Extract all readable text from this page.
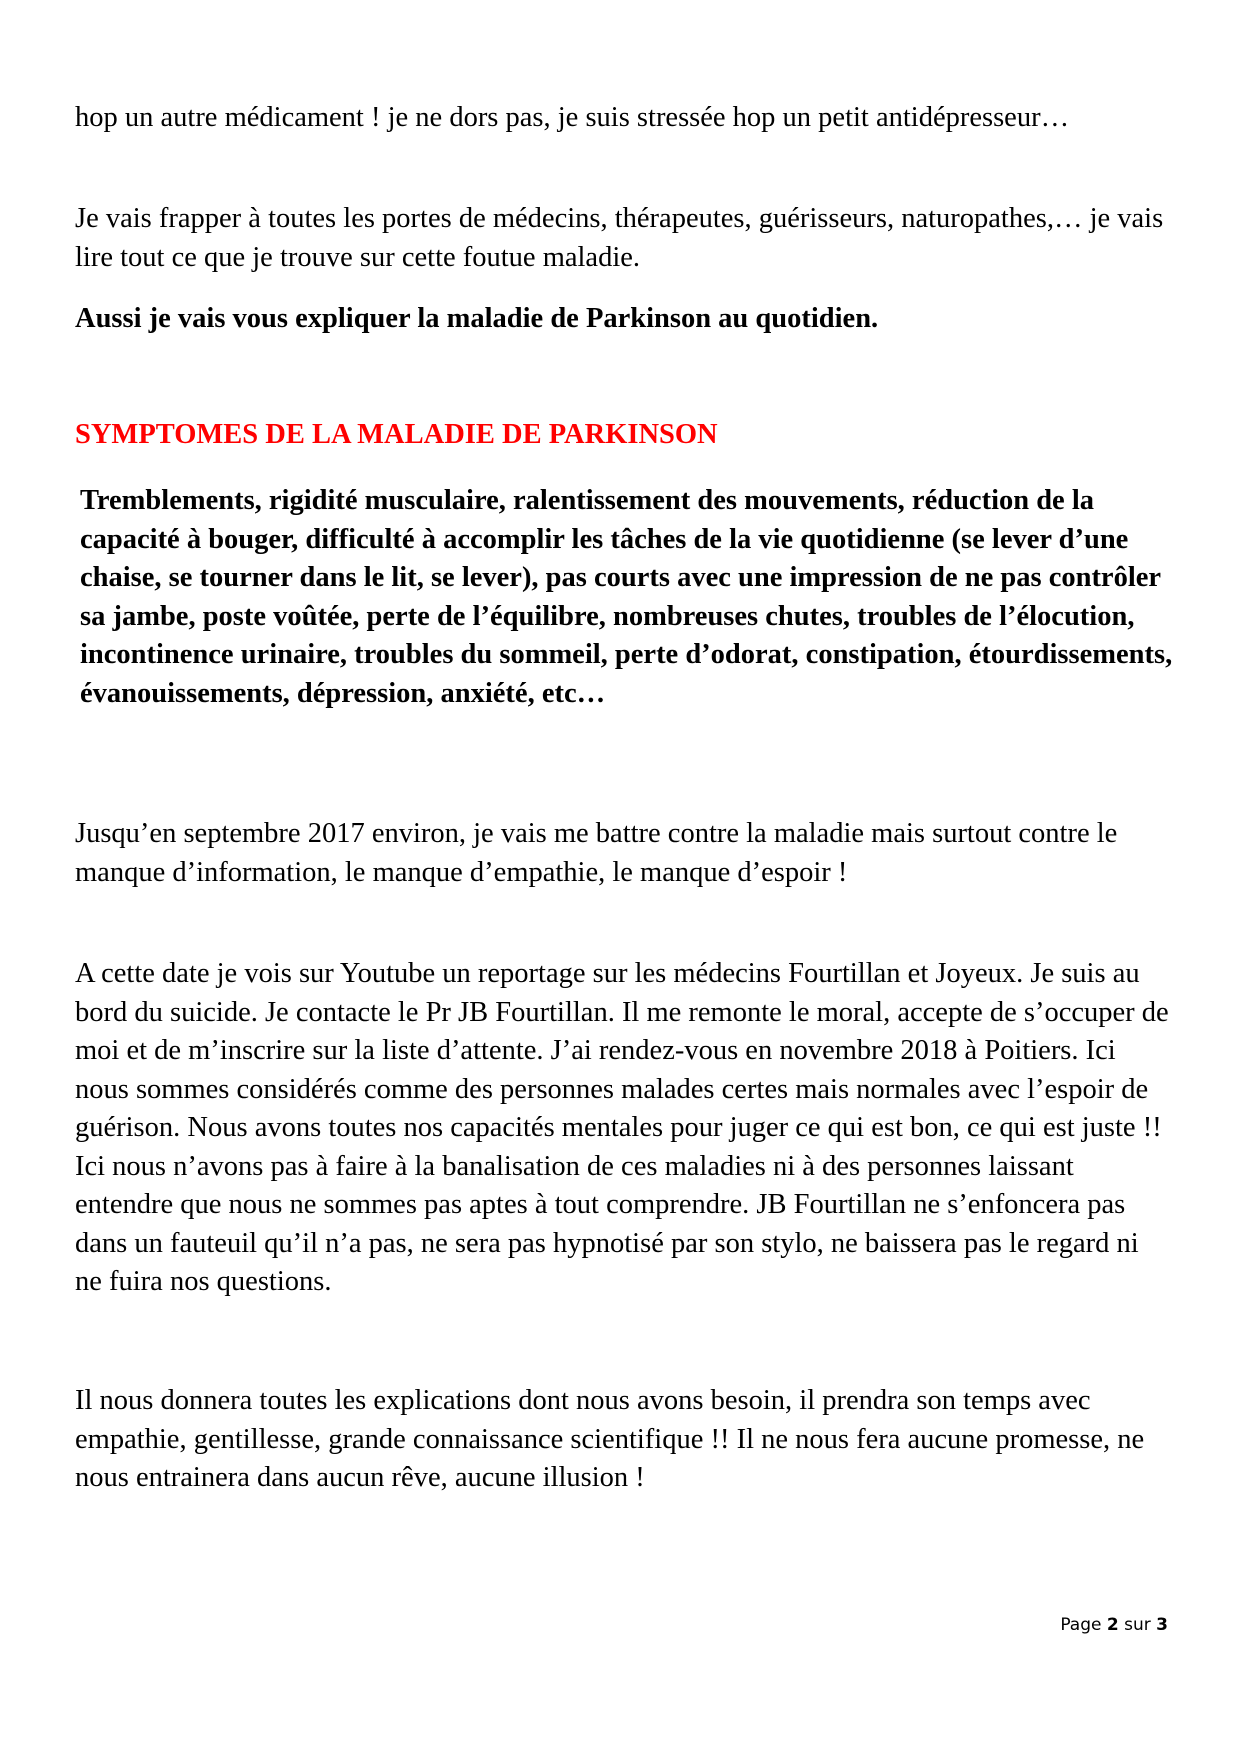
hop un autre médicament ! je ne dors pas, je suis stressée hop un petit antidépresseur…

Je vais frapper à toutes les portes de médecins, thérapeutes, guérisseurs, naturopathes,… je vais lire tout ce que je trouve sur cette foutue maladie.

Aussi je vais vous expliquer la maladie de Parkinson au quotidien.

SYMPTOMES DE LA MALADIE DE PARKINSON

Tremblements, rigidité musculaire, ralentissement des mouvements, réduction de la capacité à bouger, difficulté à accomplir les tâches de la vie quotidienne (se lever d’une chaise, se tourner dans le lit, se lever), pas courts avec une impression de ne pas contrôler sa jambe, poste voûtée, perte de l’équilibre, nombreuses chutes, troubles de l’élocution, incontinence urinaire, troubles du sommeil, perte d’odorat, constipation, étourdissements, évanouissements, dépression, anxiété, etc…

Jusqu’en septembre 2017 environ, je vais me battre contre la maladie mais surtout contre le manque d’information, le manque d’empathie, le manque d’espoir !

A cette date je vois sur Youtube un reportage sur les médecins Fourtillan et Joyeux. Je suis au bord du suicide. Je contacte le Pr JB Fourtillan. Il me remonte le moral, accepte de s’occuper de moi et de m’inscrire sur la liste d’attente. J’ai rendez-vous en novembre 2018 à Poitiers. Ici nous sommes considérés comme des personnes malades certes mais normales avec l’espoir de guérison. Nous avons toutes nos capacités mentales pour juger ce qui est bon, ce qui est juste !! Ici nous n’avons pas à faire à la banalisation de ces maladies ni à des personnes laissant entendre que nous ne sommes pas aptes à tout comprendre. JB Fourtillan ne s’enfoncera pas dans un fauteuil qu’il n’a pas, ne sera pas hypnotisé par son stylo, ne baissera pas le regard ni ne fuira nos questions.

Il nous donnera toutes les explications dont nous avons besoin, il prendra son temps avec empathie, gentillesse, grande connaissance scientifique !! Il ne nous fera aucune promesse, ne nous entrainera dans aucun rêve, aucune illusion !

Page 2 sur 3
